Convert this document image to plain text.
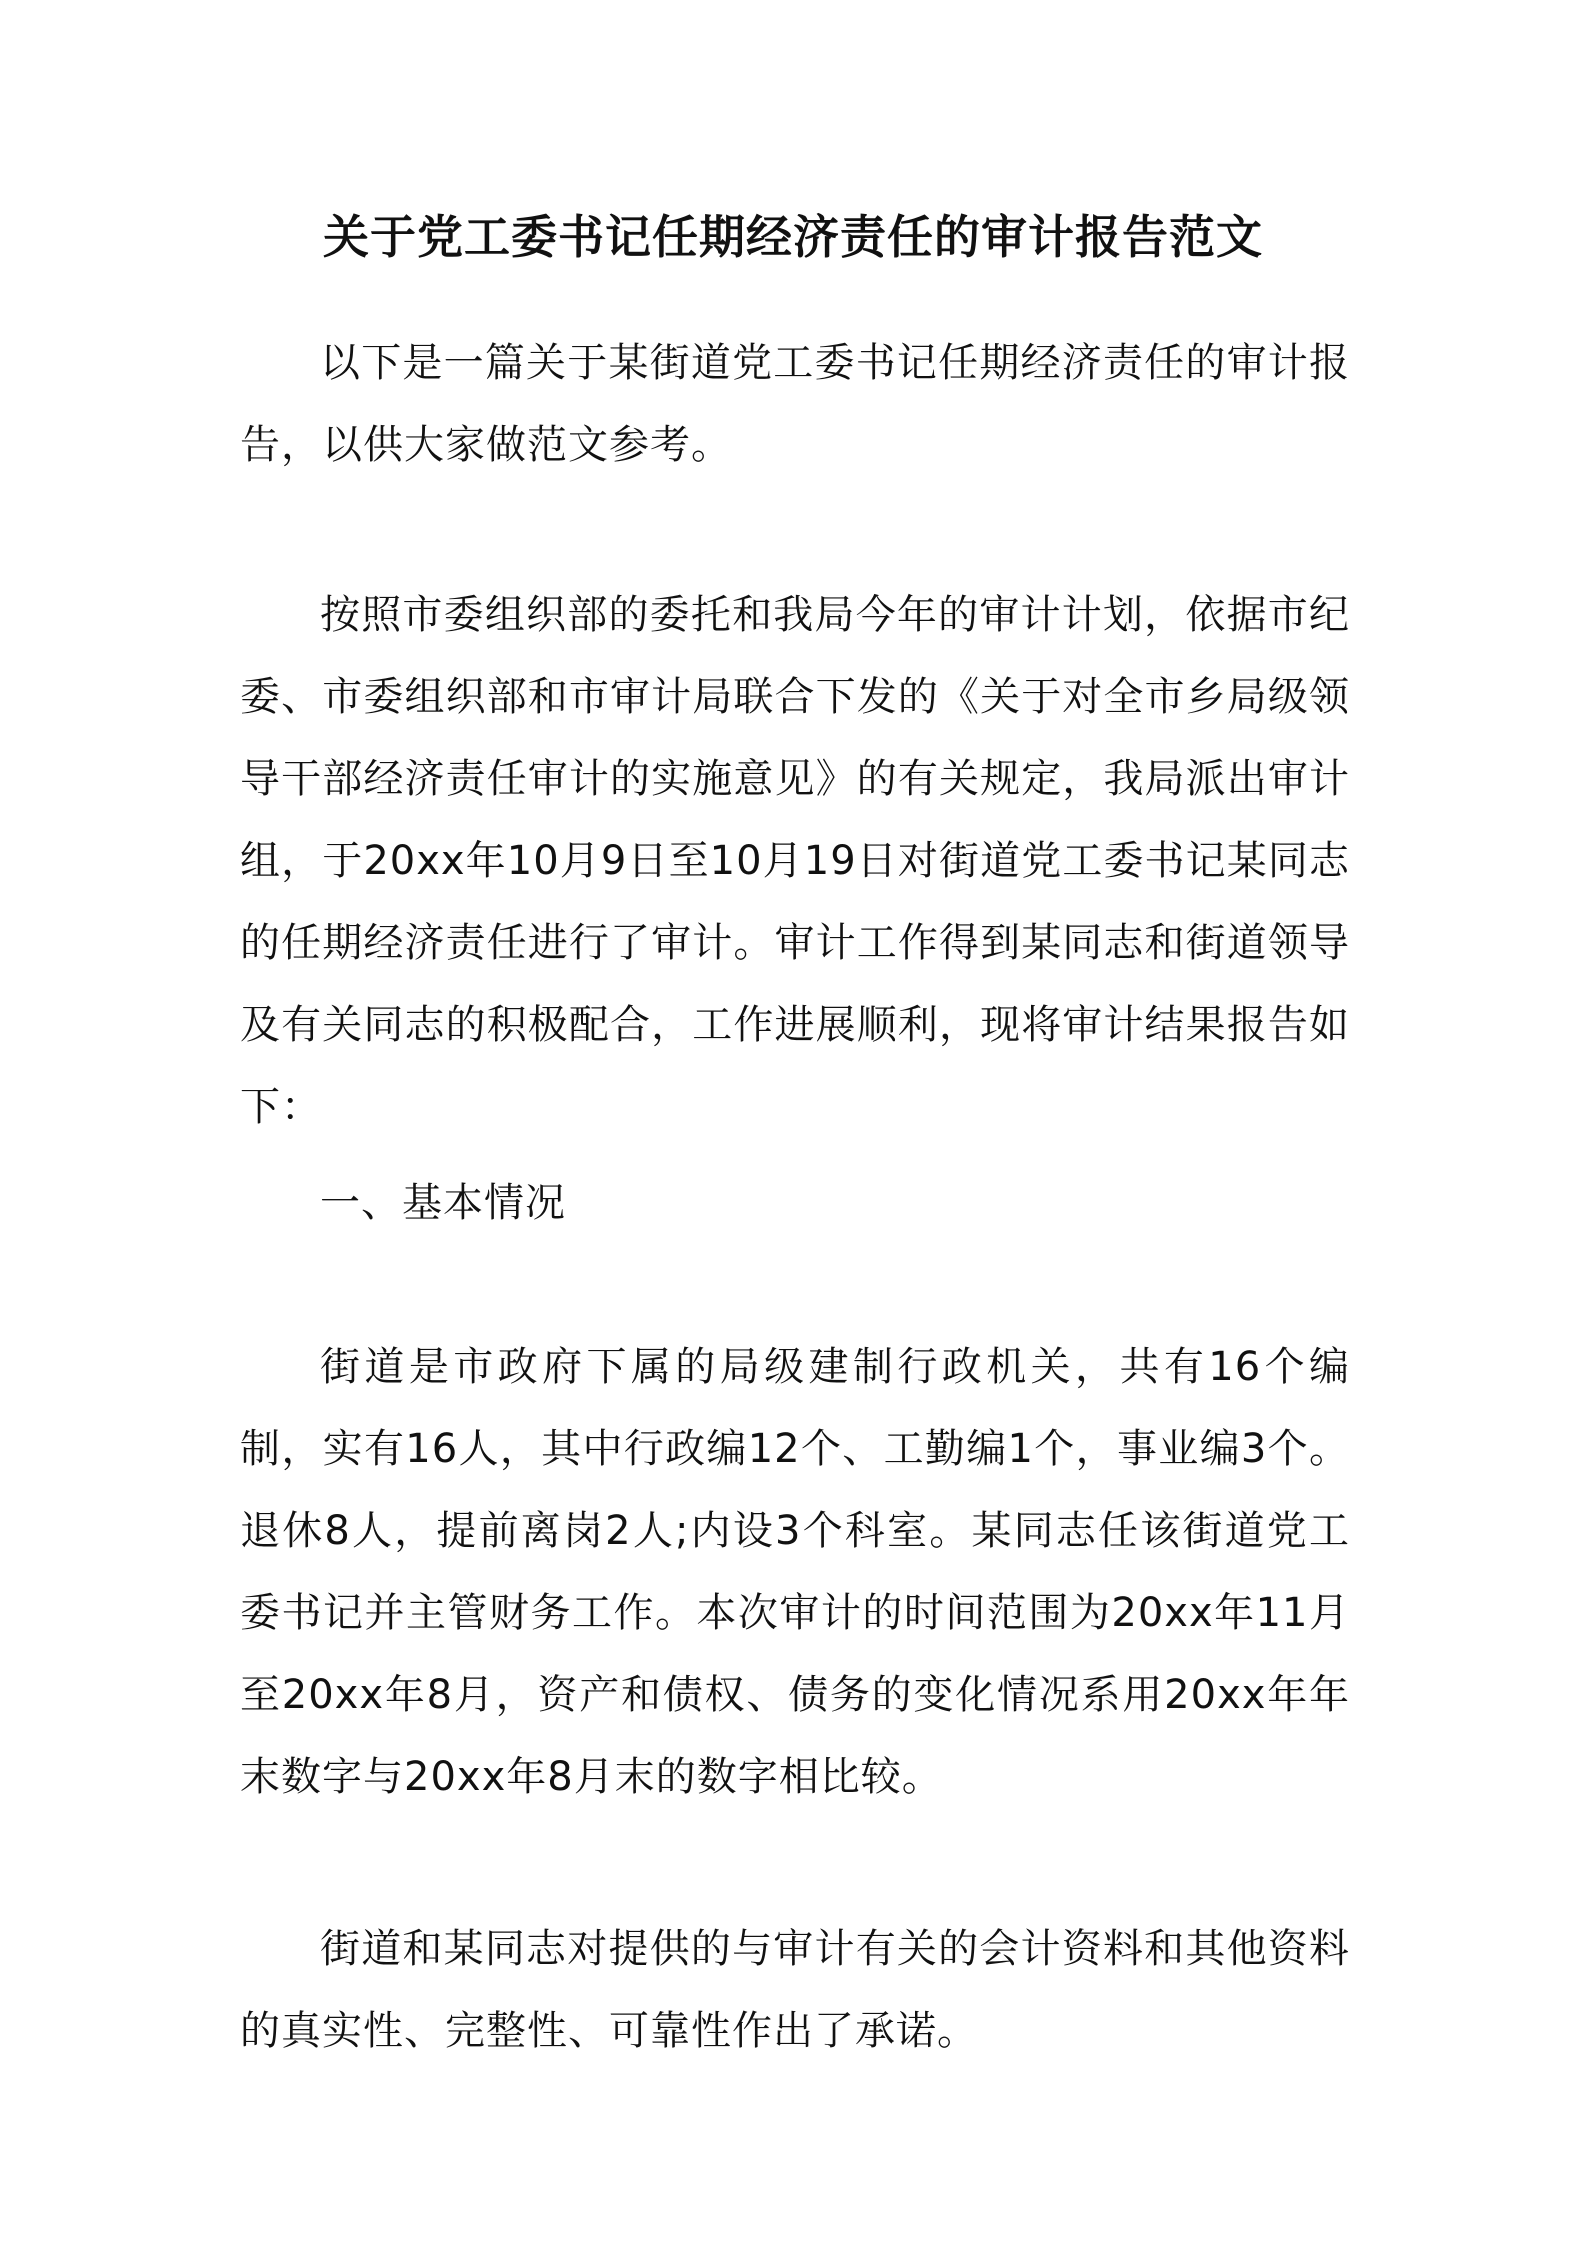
关于党工委书记任期经济责任的审计报告范文

以下是一篇关于某街道党工委书记任期经济责任的审计报告，以供大家做范文参考。

按照市委组织部的委托和我局今年的审计计划，依据市纪委、市委组织部和市审计局联合下发的《关于对全市乡局级领导干部经济责任审计的实施意见》的有关规定，我局派出审计组，于20xx年10月9日至10月19日对街道党工委书记某同志的任期经济责任进行了审计。审计工作得到某同志和街道领导及有关同志的积极配合，工作进展顺利，现将审计结果报告如下：

一、基本情况

街道是市政府下属的局级建制行政机关，共有16个编制，实有16人，其中行政编12个、工勤编1个，事业编3个。退休8人，提前离岗2人;内设3个科室。某同志任该街道党工委书记并主管财务工作。本次审计的时间范围为20xx年11月至20xx年8月，资产和债权、债务的变化情况系用20xx年年末数字与20xx年8月末的数字相比较。

街道和某同志对提供的与审计有关的会计资料和其他资料的真实性、完整性、可靠性作出了承诺。
